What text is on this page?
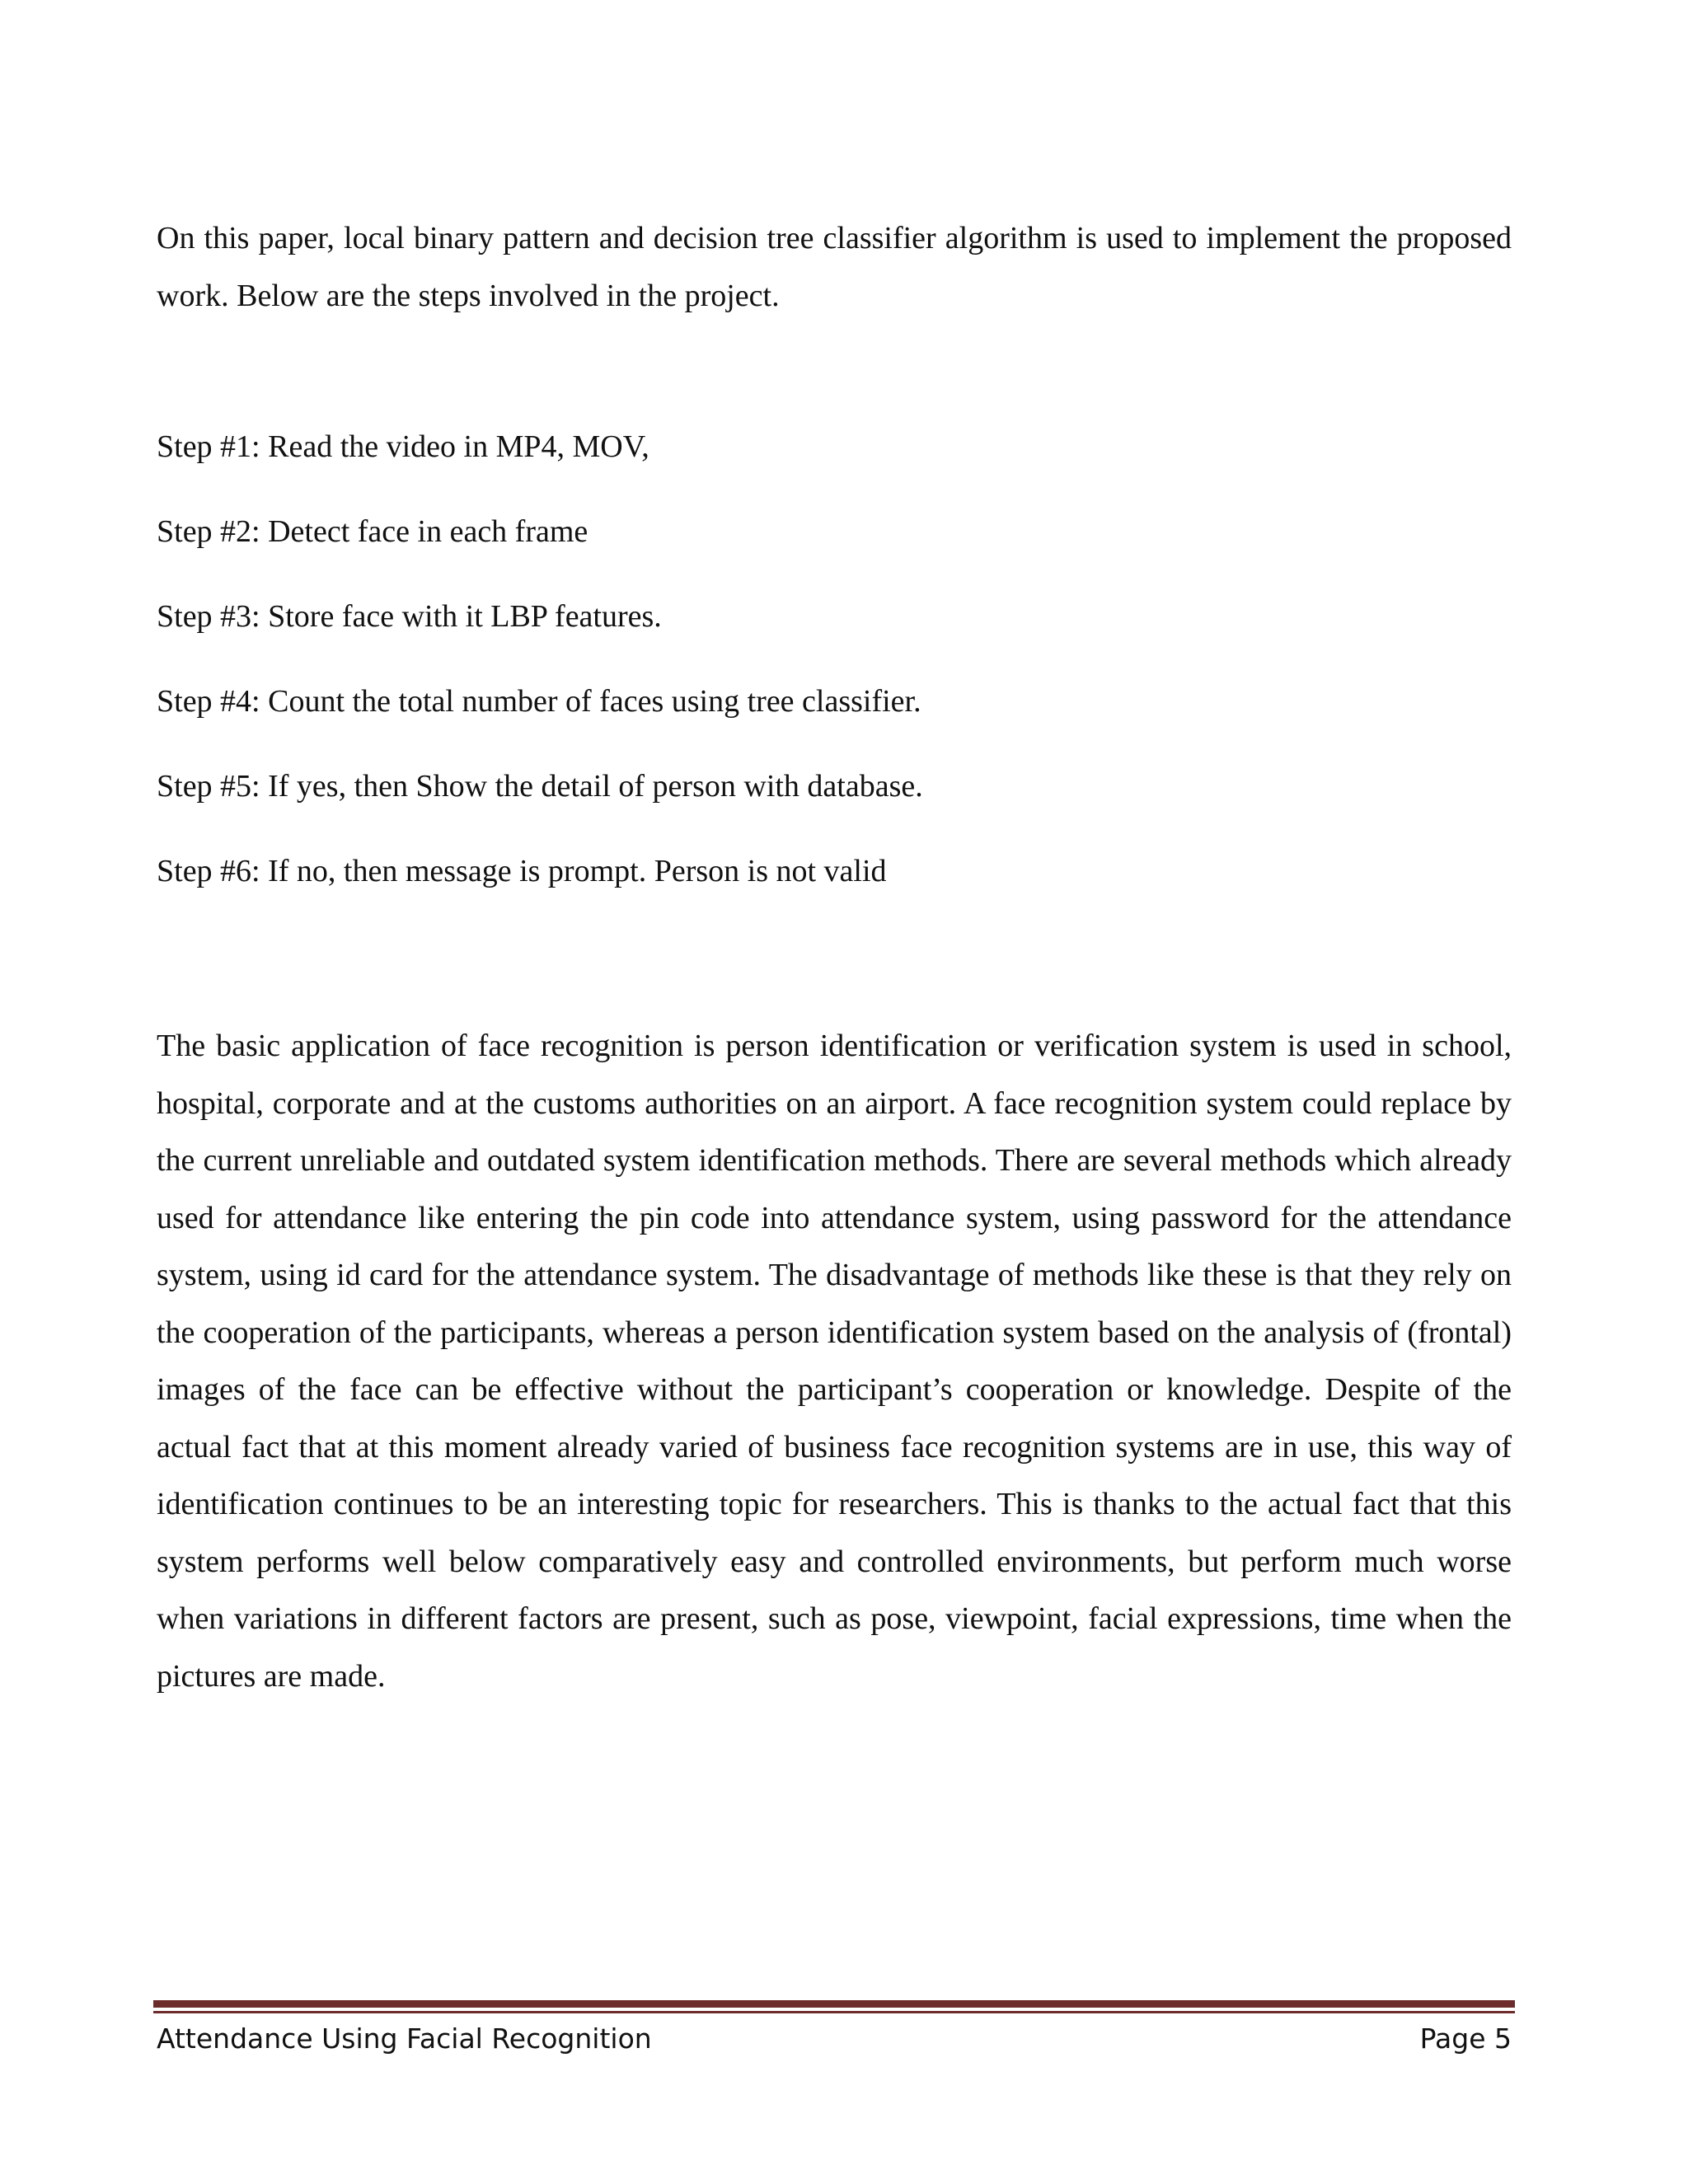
On this paper, local binary pattern and decision tree classifier algorithm is used to implement the proposed work. Below are the steps involved in the project.

Step #1: Read the video in MP4, MOV,

Step #2: Detect face in each frame

Step #3: Store face with it LBP features.

Step #4: Count the total number of faces using tree classifier.

Step #5: If yes, then Show the detail of person with database.

Step #6: If no, then message is prompt. Person is not valid

The basic application of face recognition is person identification or verification system is used in school, hospital, corporate and at the customs authorities on an airport. A face recognition system could replace by the current unreliable and outdated system identification methods. There are several methods which already used for attendance like entering the pin code into attendance system, using password for the attendance system, using id card for the attendance system. The disadvantage of methods like these is that they rely on the cooperation of the participants, whereas a person identification system based on the analysis of (frontal) images of the face can be effective without the participant’s cooperation or knowledge. Despite of the actual fact that at this moment already varied of business face recognition systems are in use, this way of identification continues to be an interesting topic for researchers. This is thanks to the actual fact that this system performs well below comparatively easy and controlled environments, but perform much worse when variations in different factors are present, such as pose, viewpoint, facial expressions, time when the pictures are made.

Attendance Using Facial Recognition	Page 5
